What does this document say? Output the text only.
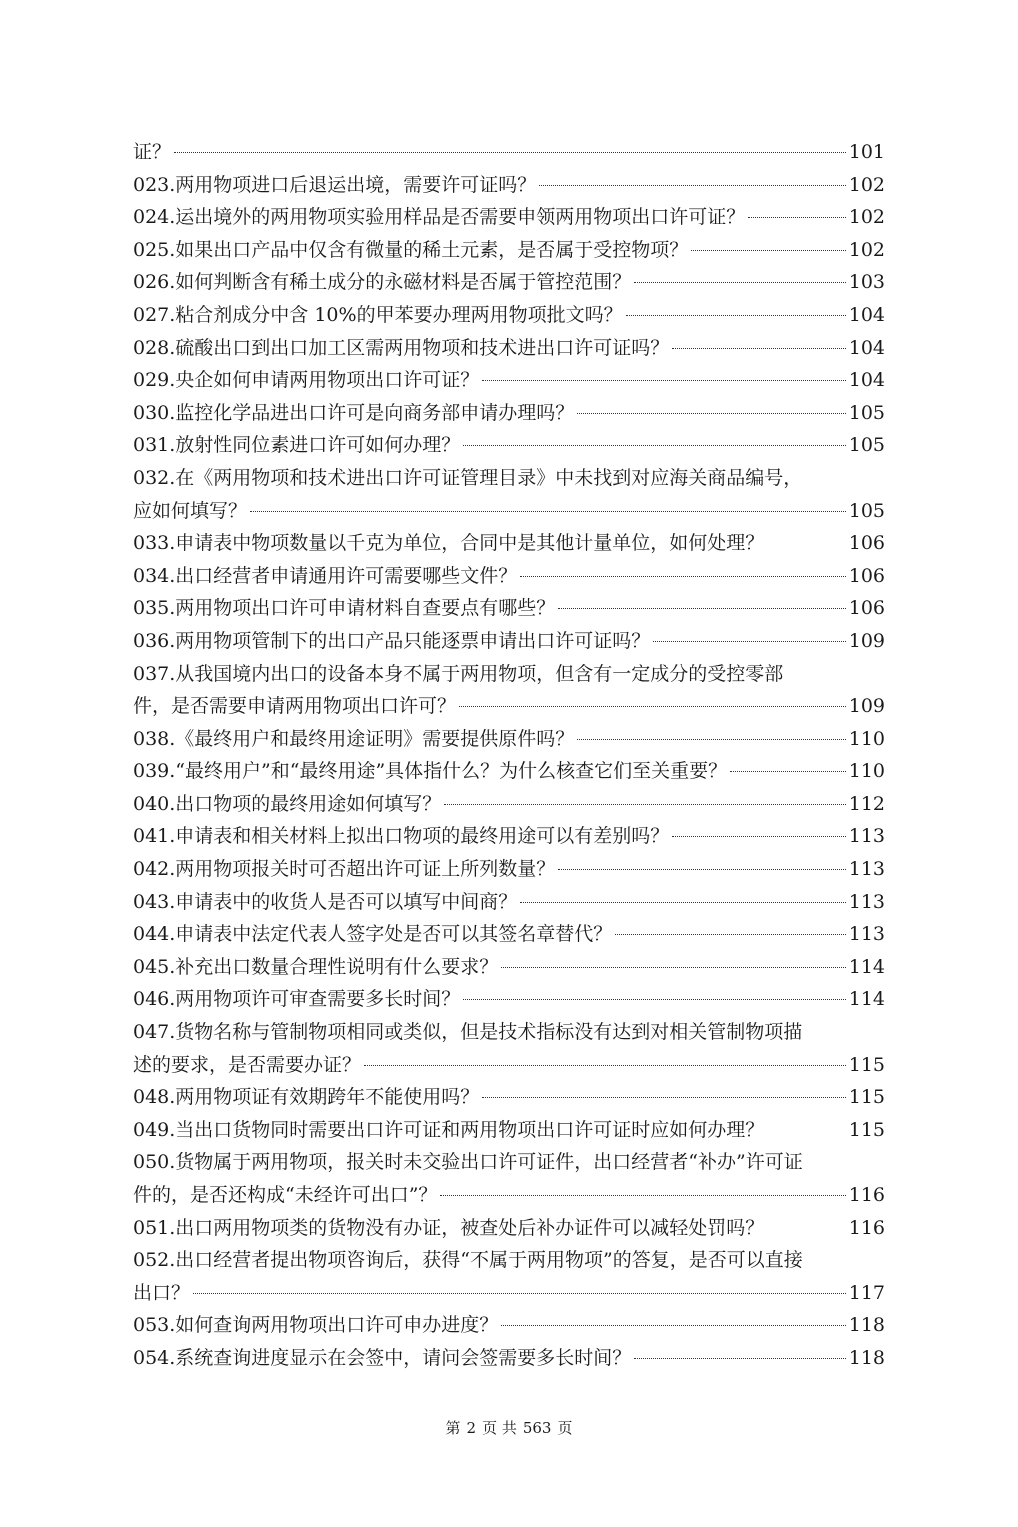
证？	101
023.两用物项进口后退运出境，需要许可证吗？	102
024.运出境外的两用物项实验用样品是否需要申领两用物项出口许可证？	102
025.如果出口产品中仅含有微量的稀土元素，是否属于受控物项？	102
026.如何判断含有稀土成分的永磁材料是否属于管控范围？	103
027.粘合剂成分中含 10%的甲苯要办理两用物项批文吗？	104
028.硫酸出口到出口加工区需两用物项和技术进出口许可证吗？	104
029.央企如何申请两用物项出口许可证？	104
030.监控化学品进出口许可是向商务部申请办理吗？	105
031.放射性同位素进口许可如何办理？	105
032.在《两用物项和技术进出口许可证管理目录》中未找到对应海关商品编号，
应如何填写？	105
033.申请表中物项数量以千克为单位，合同中是其他计量单位，如何处理？	106
034.出口经营者申请通用许可需要哪些文件？	106
035.两用物项出口许可申请材料自查要点有哪些？	106
036.两用物项管制下的出口产品只能逐票申请出口许可证吗？	109
037.从我国境内出口的设备本身不属于两用物项，但含有一定成分的受控零部
件，是否需要申请两用物项出口许可？	109
038.《最终用户和最终用途证明》需要提供原件吗？	110
039.“最终用户”和“最终用途”具体指什么？为什么核查它们至关重要？	110
040.出口物项的最终用途如何填写？	112
041.申请表和相关材料上拟出口物项的最终用途可以有差别吗？	113
042.两用物项报关时可否超出许可证上所列数量？	113
043.申请表中的收货人是否可以填写中间商？	113
044.申请表中法定代表人签字处是否可以其签名章替代？	113
045.补充出口数量合理性说明有什么要求？	114
046.两用物项许可审查需要多长时间？	114
047.货物名称与管制物项相同或类似，但是技术指标没有达到对相关管制物项描
述的要求，是否需要办证？	115
048.两用物项证有效期跨年不能使用吗？	115
049.当出口货物同时需要出口许可证和两用物项出口许可证时应如何办理？	115
050.货物属于两用物项，报关时未交验出口许可证件，出口经营者“补办”许可证
件的，是否还构成“未经许可出口”？	116
051.出口两用物项类的货物没有办证，被查处后补办证件可以减轻处罚吗？	116
052.出口经营者提出物项咨询后，获得“不属于两用物项”的答复，是否可以直接
出口？	117
053.如何查询两用物项出口许可申办进度？	118
054.系统查询进度显示在会签中，请问会签需要多长时间？	118
第 2 页 共 563 页
